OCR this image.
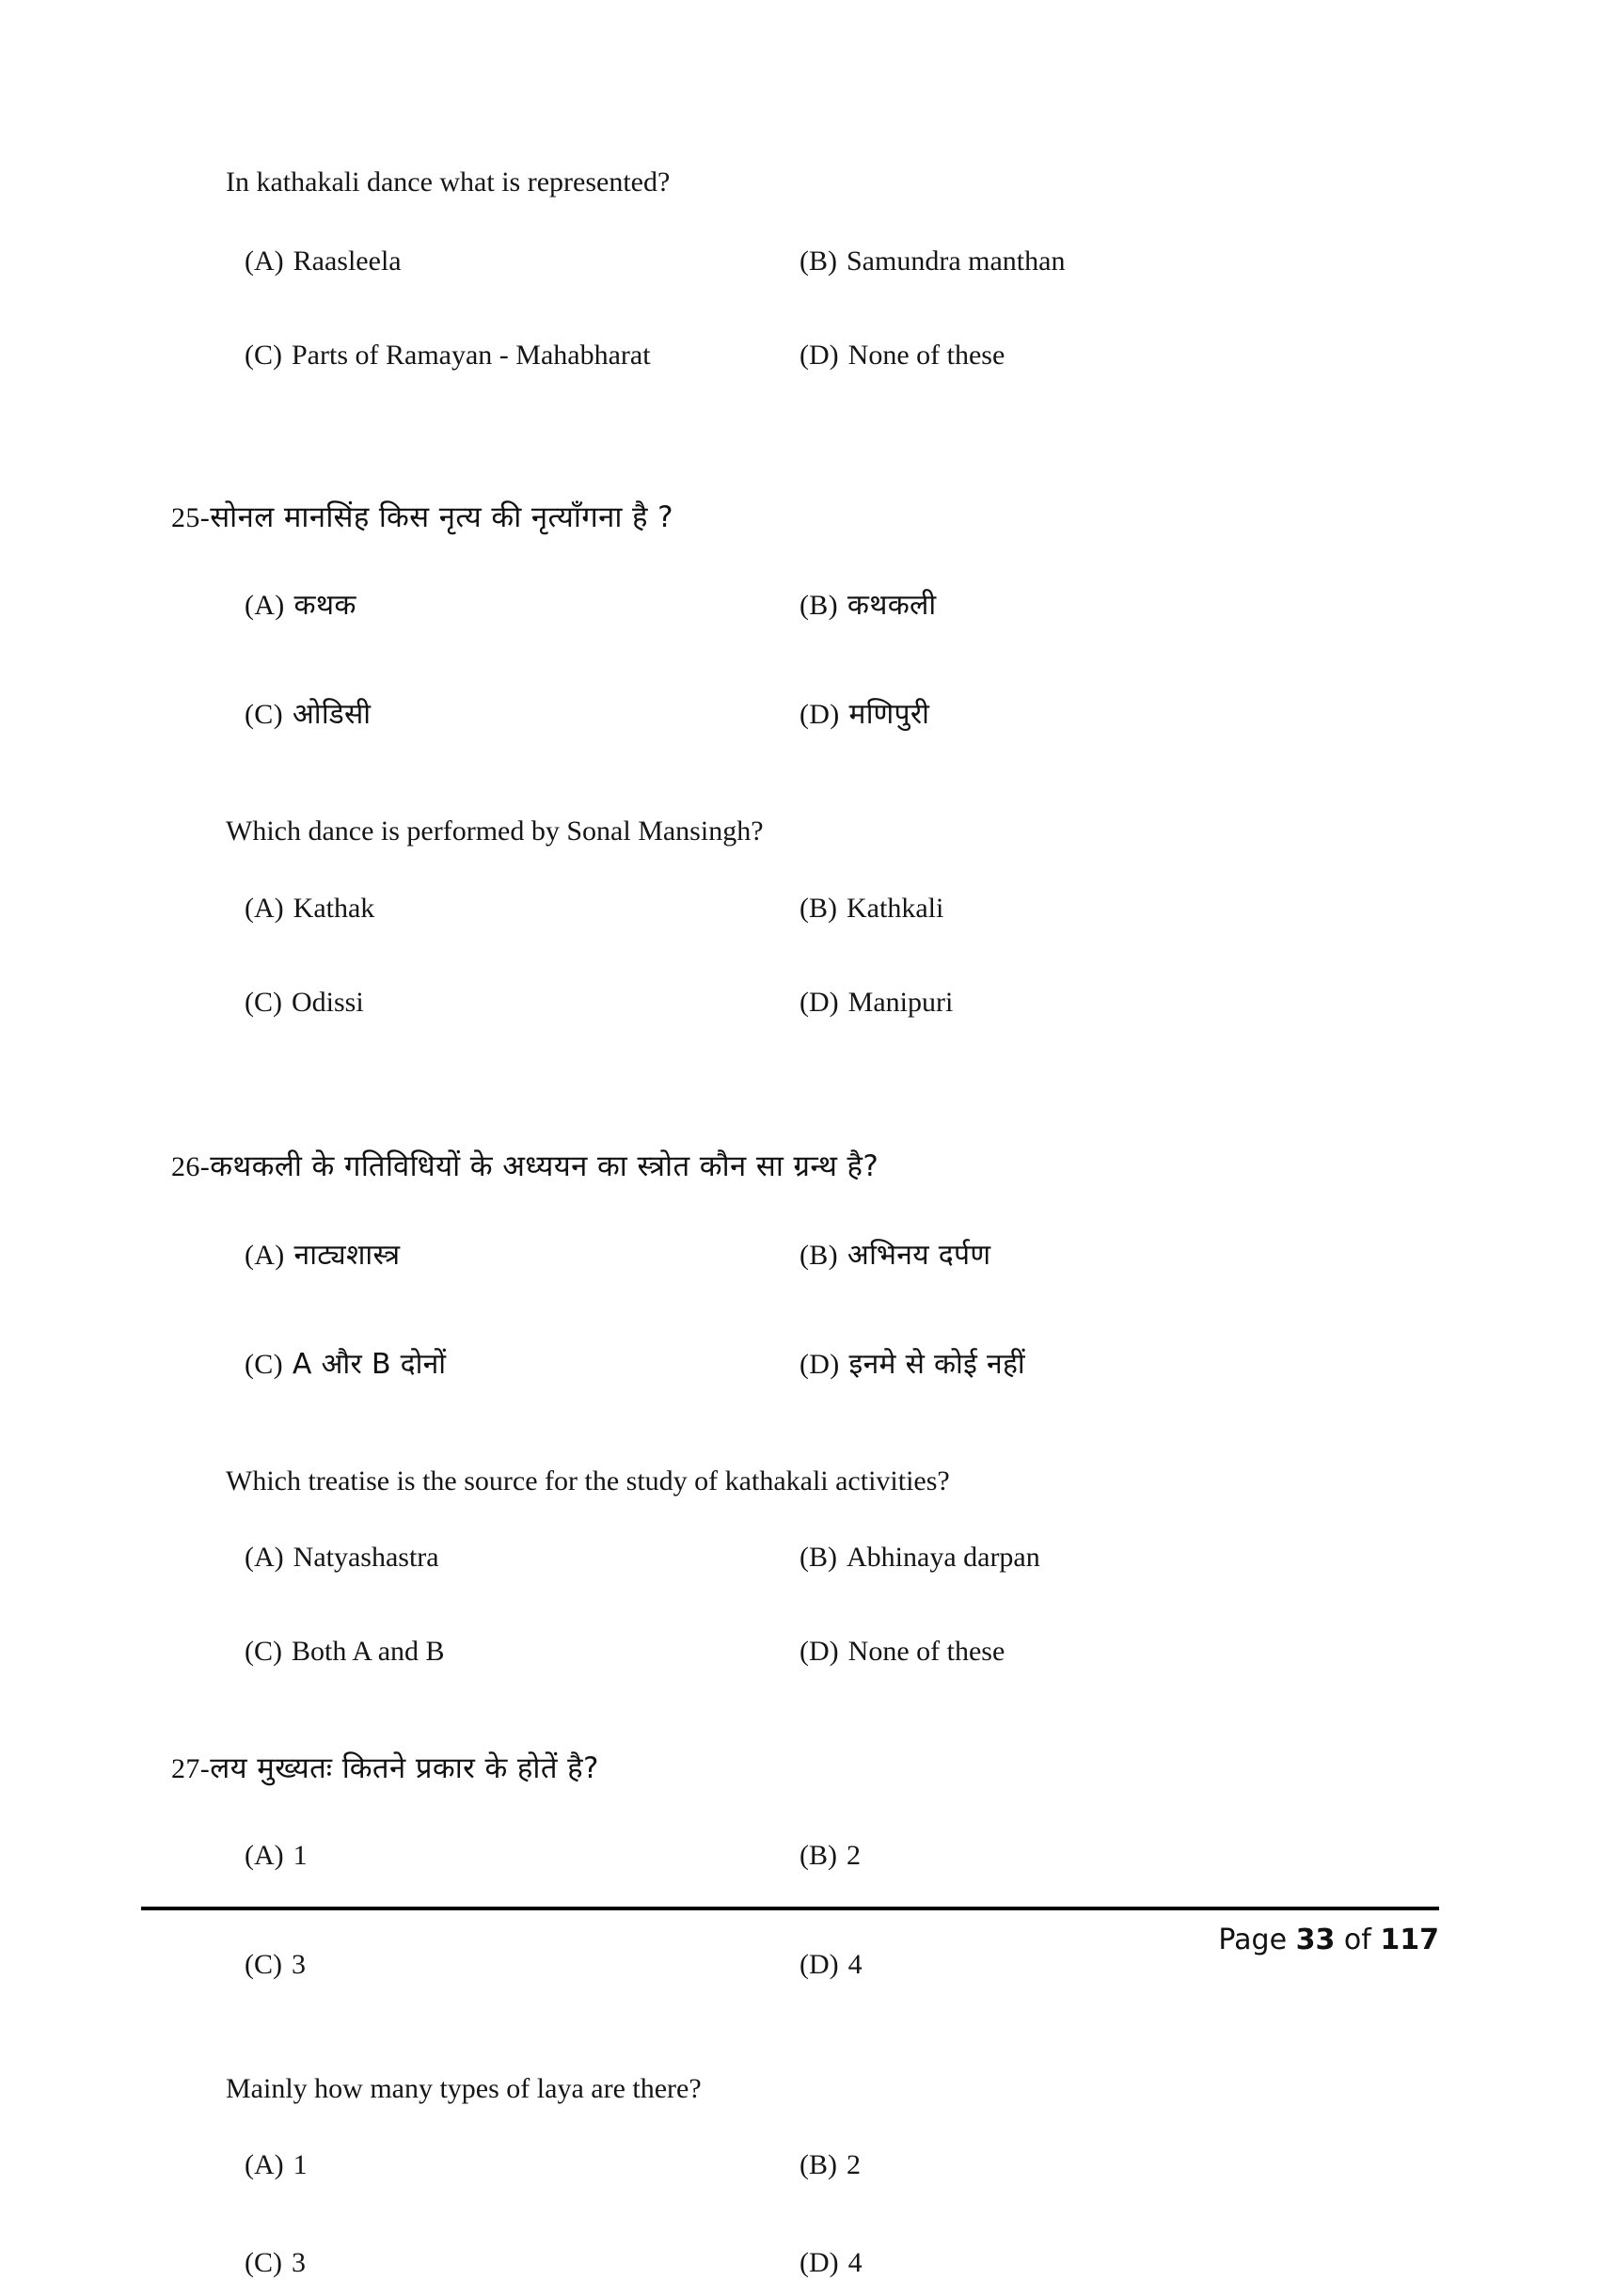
In kathakali dance what is represented?
(A) Raasleela	(B) Samundra manthan
(C) Parts of Ramayan - Mahabharat	(D) None of these
25-सोनल मानसिंह किस नृत्य की नृत्याँगना है ?
(A) कथक	(B) कथकली
(C) ओडिसी	(D) मणिपुरी
Which dance is performed by Sonal Mansingh?
(A) Kathak	(B) Kathkali
(C) Odissi	(D) Manipuri
26-कथकली के गतिविधियों के अध्ययन का स्त्रोत कौन सा ग्रन्थ है?
(A) नाट्यशास्त्र	(B) अभिनय दर्पण
(C) A और B दोनों	(D) इनमे से कोई नहीं
Which treatise is the source for the study of kathakali activities?
(A) Natyashastra	(B) Abhinaya darpan
(C) Both A and B	(D) None of these
27-लय मुख्यतः कितने प्रकार के होतें है?
(A) 1	(B) 2
(C) 3	(D) 4
Mainly how many types of laya are there?
(A) 1	(B) 2
(C) 3	(D) 4
Page 33 of 117
